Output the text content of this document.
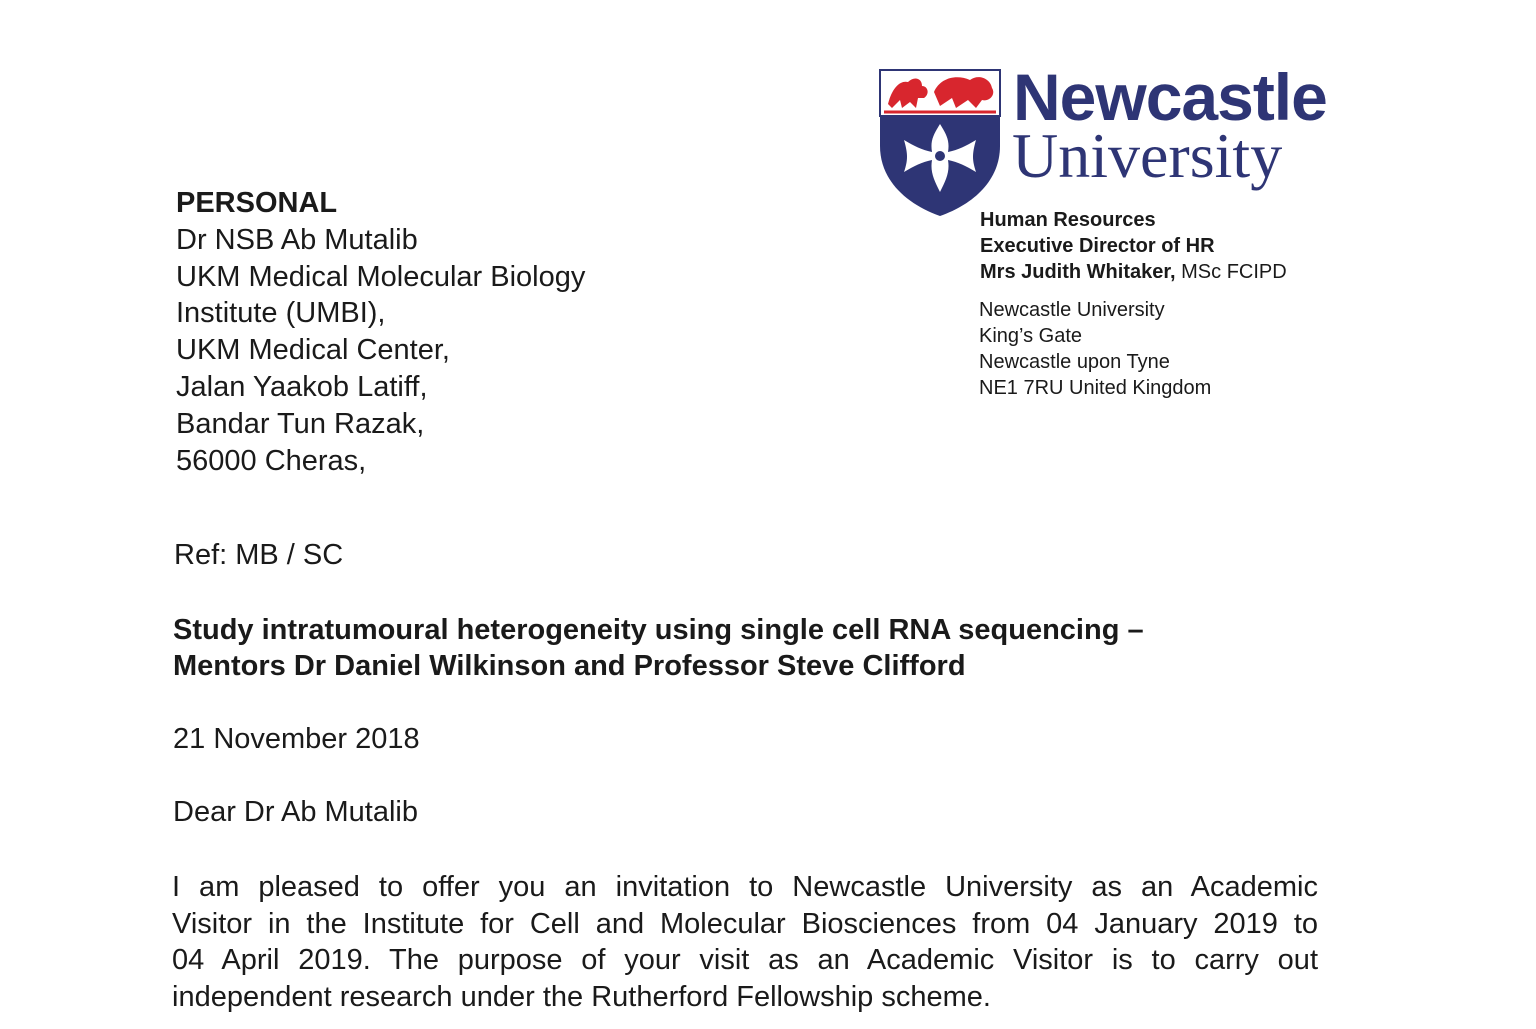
Newcastle
University
Human Resources
Executive Director of HR
Mrs Judith Whitaker, MSc FCIPD
Newcastle University
King’s Gate
Newcastle upon Tyne
NE1 7RU United Kingdom
PERSONAL
Dr NSB Ab Mutalib
UKM Medical Molecular Biology
Institute (UMBI),
UKM Medical Center,
Jalan Yaakob Latiff,
Bandar Tun Razak,
56000 Cheras,
Ref: MB / SC
Study intratumoural heterogeneity using single cell RNA sequencing –
Mentors Dr Daniel Wilkinson and Professor Steve Clifford
21 November 2018
Dear Dr Ab Mutalib
I am pleased to offer you an invitation to Newcastle University as an Academic
Visitor in the Institute for Cell and Molecular Biosciences from 04 January 2019 to
04 April 2019. The purpose of your visit as an Academic Visitor is to carry out
independent research under the Rutherford Fellowship scheme.
